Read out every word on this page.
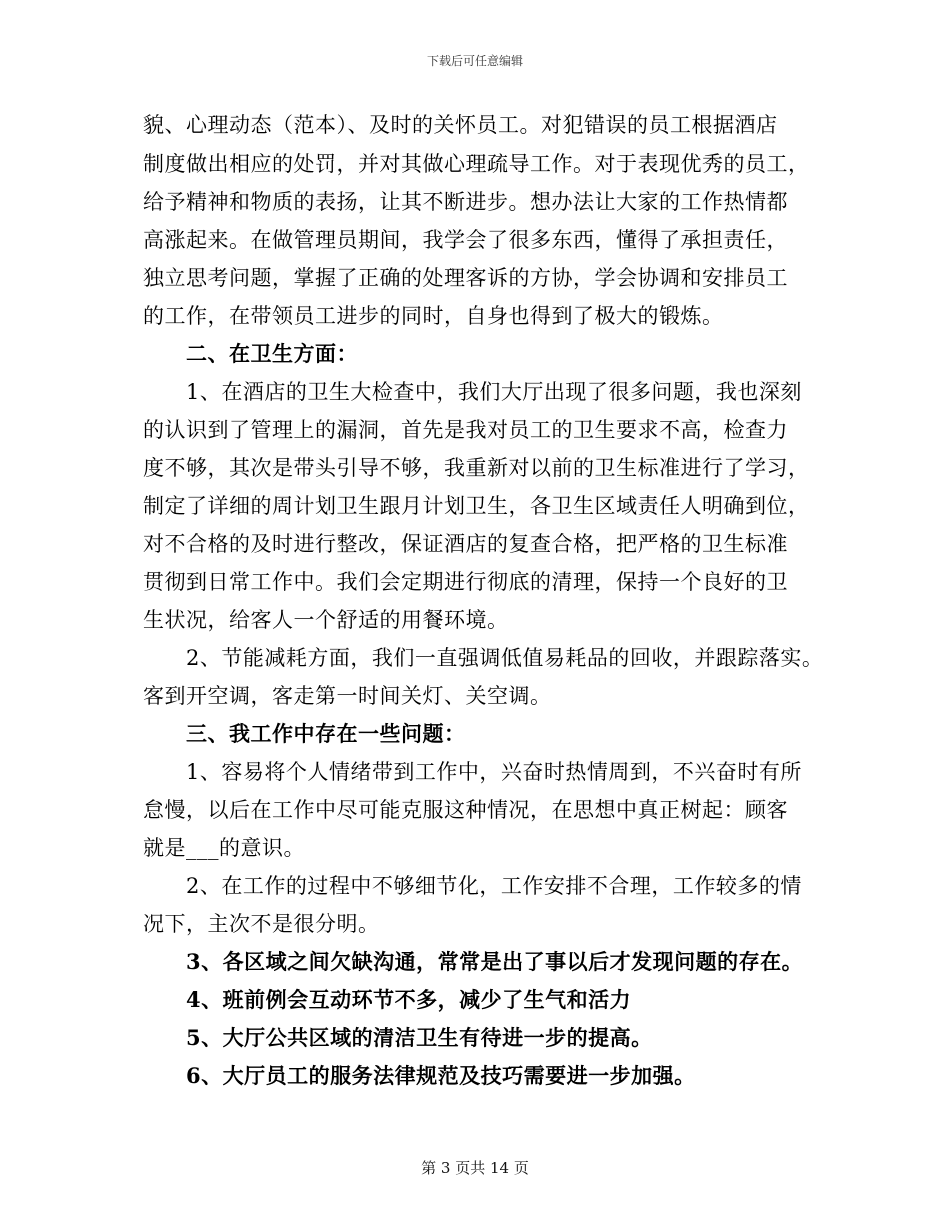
下载后可任意编辑
貌、心理动态（范本）、及时的关怀员工。对犯错误的员工根据酒店
制度做出相应的处罚，并对其做心理疏导工作。对于表现优秀的员工，
给予精神和物质的表扬，让其不断进步。想办法让大家的工作热情都
高涨起来。在做管理员期间，我学会了很多东西，懂得了承担责任，
独立思考问题，掌握了正确的处理客诉的方协，学会协调和安排员工
的工作，在带领员工进步的同时，自身也得到了极大的锻炼。
二、在卫生方面：
1、在酒店的卫生大检查中，我们大厅出现了很多问题，我也深刻
的认识到了管理上的漏洞，首先是我对员工的卫生要求不高，检查力
度不够，其次是带头引导不够，我重新对以前的卫生标准进行了学习，
制定了详细的周计划卫生跟月计划卫生，各卫生区域责任人明确到位，
对不合格的及时进行整改，保证酒店的复查合格，把严格的卫生标准
贯彻到日常工作中。我们会定期进行彻底的清理，保持一个良好的卫
生状况，给客人一个舒适的用餐环境。
2、节能减耗方面，我们一直强调低值易耗品的回收，并跟踪落实。
客到开空调，客走第一时间关灯、关空调。
三、我工作中存在一些问题：
1、容易将个人情绪带到工作中，兴奋时热情周到，不兴奋时有所
怠慢，以后在工作中尽可能克服这种情况，在思想中真正树起：顾客
就是___的意识。
2、在工作的过程中不够细节化，工作安排不合理，工作较多的情
况下，主次不是很分明。
3、各区域之间欠缺沟通，常常是出了事以后才发现问题的存在。
4、班前例会互动环节不多，减少了生气和活力
5、大厅公共区域的清洁卫生有待进一步的提高。
6、大厅员工的服务法律规范及技巧需要进一步加强。
第 3 页共 14 页
